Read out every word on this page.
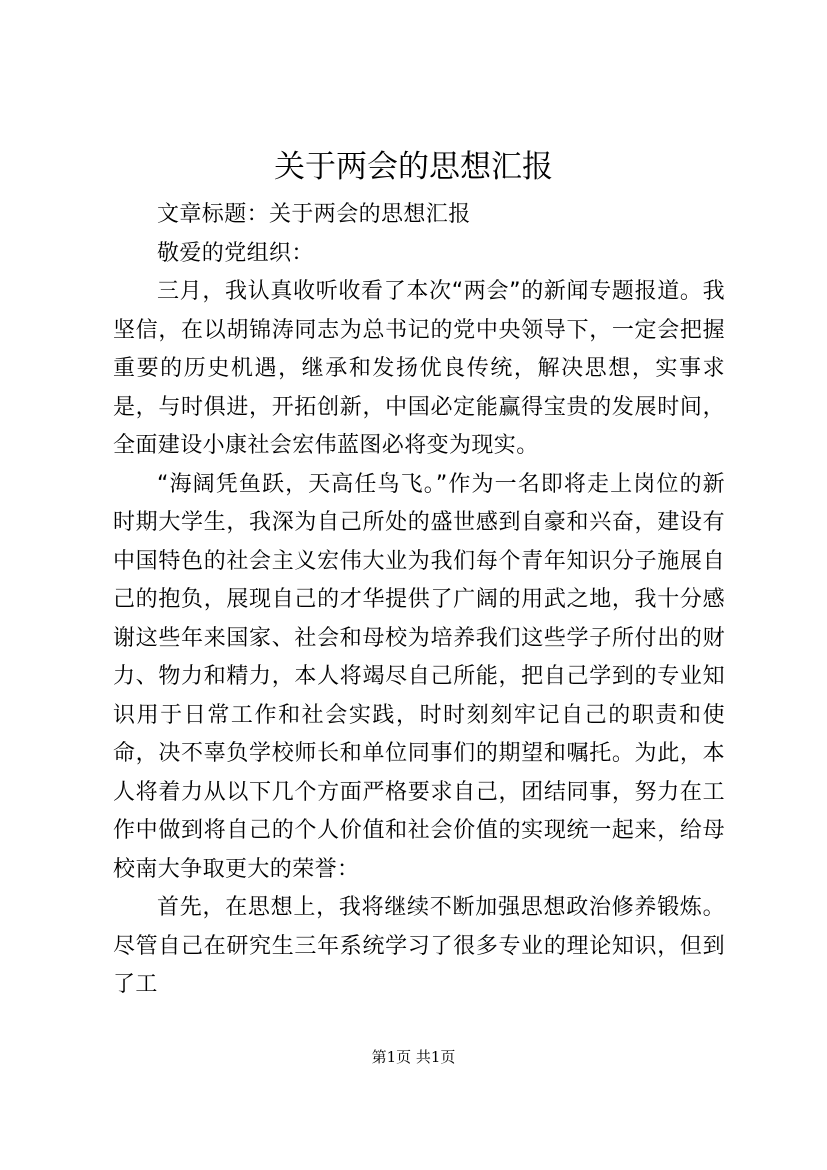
关于两会的思想汇报

文章标题：关于两会的思想汇报

敬爱的党组织：

三月，我认真收听收看了本次“两会”的新闻专题报道。我坚信，在以胡锦涛同志为总书记的党中央领导下，一定会把握重要的历史机遇，继承和发扬优良传统，解决思想，实事求是，与时俱进，开拓创新，中国必定能赢得宝贵的发展时间，全面建设小康社会宏伟蓝图必将变为现实。

“海阔凭鱼跃，天高任鸟飞。”作为一名即将走上岗位的新时期大学生，我深为自己所处的盛世感到自豪和兴奋，建设有中国特色的社会主义宏伟大业为我们每个青年知识分子施展自己的抱负，展现自己的才华提供了广阔的用武之地，我十分感谢这些年来国家、社会和母校为培养我们这些学子所付出的财力、物力和精力，本人将竭尽自己所能，把自己学到的专业知识用于日常工作和社会实践，时时刻刻牢记自己的职责和使命，决不辜负学校师长和单位同事们的期望和嘱托。为此，本人将着力从以下几个方面严格要求自己，团结同事，努力在工作中做到将自己的个人价值和社会价值的实现统一起来，给母校南大争取更大的荣誉：

首先，在思想上，我将继续不断加强思想政治修养锻炼。尽管自己在研究生三年系统学习了很多专业的理论知识，但到了工

第1页 共1页
